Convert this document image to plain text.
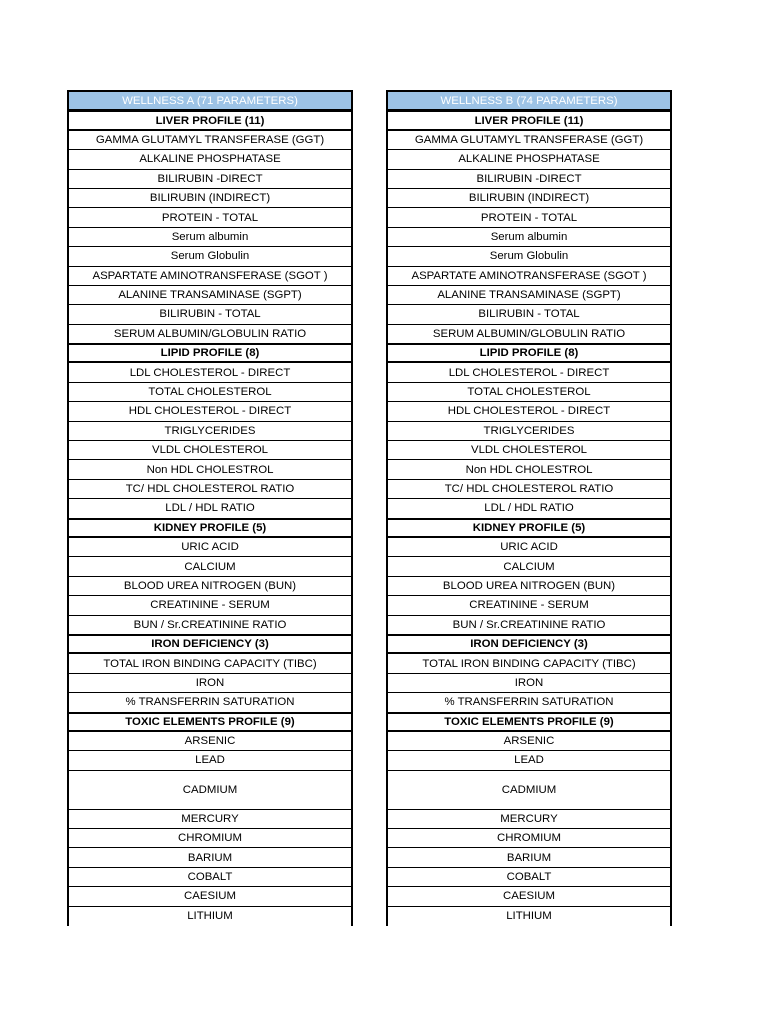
WELLNESS A (71 PARAMETERS)
LIVER PROFILE (11)
GAMMA GLUTAMYL TRANSFERASE (GGT)
ALKALINE PHOSPHATASE
BILIRUBIN -DIRECT
BILIRUBIN (INDIRECT)
PROTEIN - TOTAL
Serum albumin
Serum Globulin
ASPARTATE AMINOTRANSFERASE (SGOT )
ALANINE TRANSAMINASE (SGPT)
BILIRUBIN - TOTAL
SERUM ALBUMIN/GLOBULIN RATIO
LIPID PROFILE (8)
LDL CHOLESTEROL - DIRECT
TOTAL CHOLESTEROL
HDL CHOLESTEROL - DIRECT
TRIGLYCERIDES
VLDL CHOLESTEROL
Non HDL CHOLESTROL
TC/ HDL CHOLESTEROL RATIO
LDL / HDL RATIO
KIDNEY PROFILE (5)
URIC ACID
CALCIUM
BLOOD UREA NITROGEN (BUN)
CREATININE - SERUM
BUN / Sr.CREATININE RATIO
IRON DEFICIENCY (3)
TOTAL IRON BINDING CAPACITY (TIBC)
IRON
% TRANSFERRIN SATURATION
TOXIC ELEMENTS PROFILE (9)
ARSENIC
LEAD
CADMIUM
MERCURY
CHROMIUM
BARIUM
COBALT
CAESIUM
LITHIUM
WELLNESS B (74 PARAMETERS)
LIVER PROFILE (11)
GAMMA GLUTAMYL TRANSFERASE (GGT)
ALKALINE PHOSPHATASE
BILIRUBIN -DIRECT
BILIRUBIN (INDIRECT)
PROTEIN - TOTAL
Serum albumin
Serum Globulin
ASPARTATE AMINOTRANSFERASE (SGOT )
ALANINE TRANSAMINASE (SGPT)
BILIRUBIN - TOTAL
SERUM ALBUMIN/GLOBULIN RATIO
LIPID PROFILE (8)
LDL CHOLESTEROL - DIRECT
TOTAL CHOLESTEROL
HDL CHOLESTEROL - DIRECT
TRIGLYCERIDES
VLDL CHOLESTEROL
Non HDL CHOLESTROL
TC/ HDL CHOLESTEROL RATIO
LDL / HDL RATIO
KIDNEY PROFILE (5)
URIC ACID
CALCIUM
BLOOD UREA NITROGEN (BUN)
CREATININE - SERUM
BUN / Sr.CREATININE RATIO
IRON DEFICIENCY (3)
TOTAL IRON BINDING CAPACITY (TIBC)
IRON
% TRANSFERRIN SATURATION
TOXIC ELEMENTS PROFILE (9)
ARSENIC
LEAD
CADMIUM
MERCURY
CHROMIUM
BARIUM
COBALT
CAESIUM
LITHIUM
